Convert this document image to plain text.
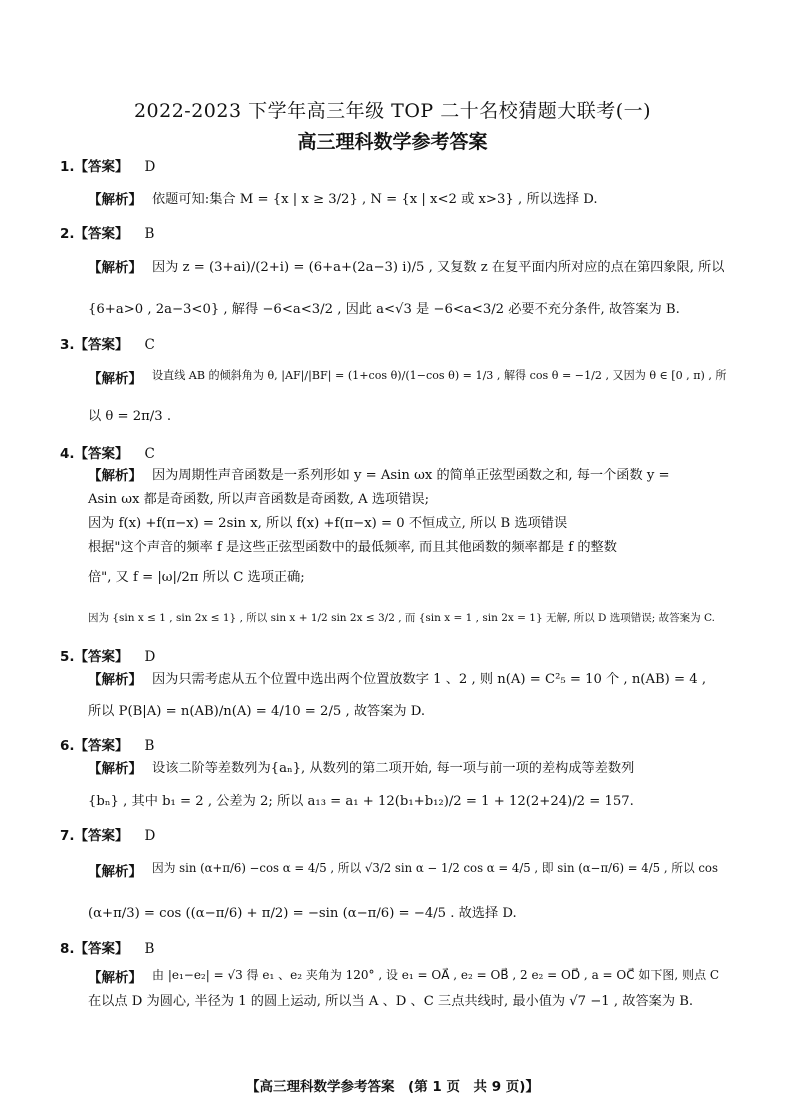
2022-2023 下学年高三年级 TOP 二十名校猜题大联考(一)
高三理科数学参考答案
1.【答案】 D
【解析】 依题可知:集合 M = {x | x ≥ 3/2} , N = {x | x<2 或 x>3} , 所以选择 D.
2.【答案】 B
【解析】 因为 z = (3+ai)/(2+i) = (6+a+(2a−3) i)/5 , 又复数 z 在复平面内所对应的点在第四象限, 所以
{6+a>0 , 2a−3<0} , 解得 −6<a<3/2 , 因此 a<√3 是 −6<a<3/2 必要不充分条件, 故答案为 B.
3.【答案】 C
【解析】 设直线 AB 的倾斜角为 θ, |AF|/|BF| = (1+cos θ)/(1−cos θ) = 1/3 , 解得 cos θ = −1/2 , 又因为 θ ∈ [0 , π) , 所
以 θ = 2π/3 .
4.【答案】 C
【解析】 因为周期性声音函数是一系列形如 y = Asin ωx 的简单正弦型函数之和, 每一个函数 y =
Asin ωx 都是奇函数, 所以声音函数是奇函数, A 选项错误;
因为 f(x) +f(π−x) = 2sin x, 所以 f(x) +f(π−x) = 0 不恒成立, 所以 B 选项错误
根据"这个声音的频率 f 是这些正弦型函数中的最低频率, 而且其他函数的频率都是 f 的整数
倍", 又 f = |ω|/2π 所以 C 选项正确;
因为 {sin x ≤ 1 , sin 2x ≤ 1} , 所以 sin x + 1/2 sin 2x ≤ 3/2 , 而 {sin x = 1 , sin 2x = 1} 无解, 所以 D 选项错误; 故答案为 C.
5.【答案】 D
【解析】 因为只需考虑从五个位置中选出两个位置放数字 1 、2 , 则 n(A) = C²₅ = 10 个 , n(AB) = 4 ,
所以 P(B|A) = n(AB)/n(A) = 4/10 = 2/5 , 故答案为 D.
6.【答案】 B
【解析】 设该二阶等差数列为{aₙ}, 从数列的第二项开始, 每一项与前一项的差构成等差数列
{bₙ} , 其中 b₁ = 2 , 公差为 2; 所以 a₁₃ = a₁ + 12(b₁+b₁₂)/2 = 1 + 12(2+24)/2 = 157.
7.【答案】 D
【解析】 因为 sin (α+π/6) −cos α = 4/5 , 所以 √3/2 sin α − 1/2 cos α = 4/5 , 即 sin (α−π/6) = 4/5 , 所以 cos
(α+π/3) = cos ((α−π/6) + π/2) = −sin (α−π/6) = −4/5 . 故选择 D.
8.【答案】 B
【解析】 由 |e₁−e₂| = √3 得 e₁ 、e₂ 夹角为 120° , 设 e₁ = OA⃗ , e₂ = OB⃗ , 2 e₂ = OD⃗ , a = OC⃗ 如下图, 则点 C
在以点 D 为圆心, 半径为 1 的圆上运动, 所以当 A 、D 、C 三点共线时, 最小值为 √7 −1 , 故答案为 B.
【高三理科数学参考答案　(第 1 页　共 9 页)】
